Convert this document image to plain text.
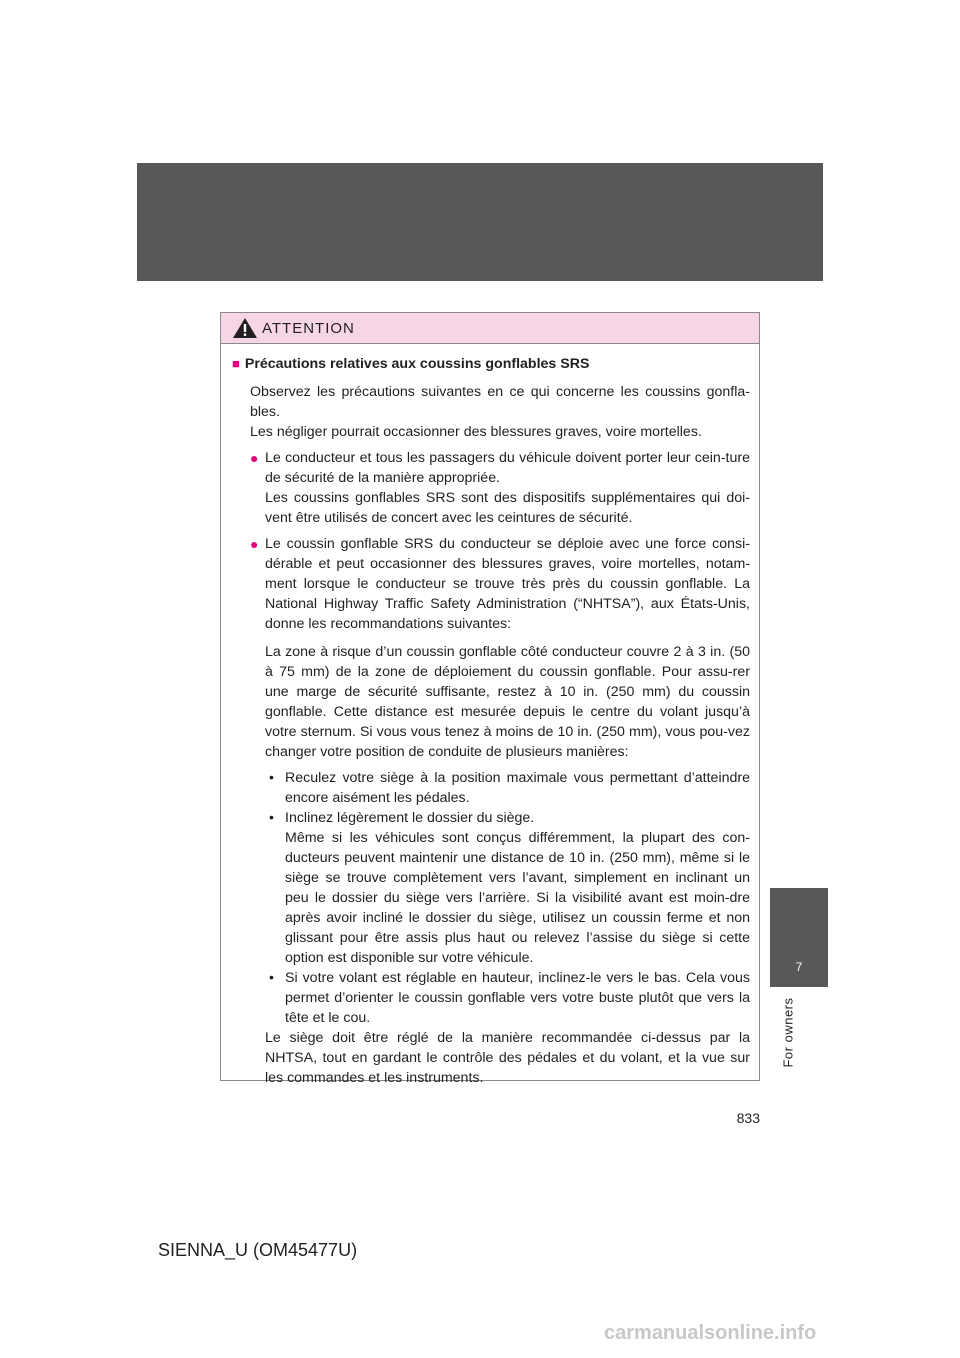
7
For owners
ATTENTION
■ Précautions relatives aux coussins gonflables SRS
Observez les précautions suivantes en ce qui concerne les coussins gonfla-bles.
Les négliger pourrait occasionner des blessures graves, voire mortelles.
● Le conducteur et tous les passagers du véhicule doivent porter leur cein-ture de sécurité de la manière appropriée.

Les coussins gonflables SRS sont des dispositifs supplémentaires qui doi-vent être utilisés de concert avec les ceintures de sécurité.

● Le coussin gonflable SRS du conducteur se déploie avec une force consi-dérable et peut occasionner des blessures graves, voire mortelles, notam-ment lorsque le conducteur se trouve très près du coussin gonflable. La National Highway Traffic Safety Administration (“NHTSA”), aux États-Unis, donne les recommandations suivantes:

La zone à risque d’un coussin gonflable côté conducteur couvre 2 à 3 in. (50 à 75 mm) de la zone de déploiement du coussin gonflable. Pour assu-rer une marge de sécurité suffisante, restez à 10 in. (250 mm) du coussin gonflable. Cette distance est mesurée depuis le centre du volant jusqu’à votre sternum. Si vous vous tenez à moins de 10 in. (250 mm), vous pou-vez changer votre position de conduite de plusieurs manières:

• Reculez votre siège à la position maximale vous permettant d’atteindre encore aisément les pédales.

• Inclinez légèrement le dossier du siège.

Même si les véhicules sont conçus différemment, la plupart des con-ducteurs peuvent maintenir une distance de 10 in. (250 mm), même si le siège se trouve complètement vers l’avant, simplement en inclinant un peu le dossier du siège vers l’arrière. Si la visibilité avant est moin-dre après avoir incliné le dossier du siège, utilisez un coussin ferme et non glissant pour être assis plus haut ou relevez l’assise du siège si cette option est disponible sur votre véhicule.

• Si votre volant est réglable en hauteur, inclinez-le vers le bas. Cela vous permet d’orienter le coussin gonflable vers votre buste plutôt que vers la tête et le cou.

Le siège doit être réglé de la manière recommandée ci-dessus par la NHTSA, tout en gardant le contrôle des pédales et du volant, et la vue sur les commandes et les instruments.

833
SIENNA_U (OM45477U)
carmanualsonline.info
